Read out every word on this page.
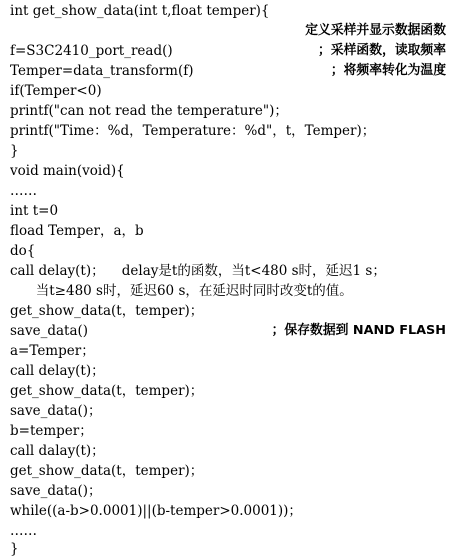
int get_show_data(int t,float temper){
定义采样并显示数据函数
f=S3C2410_port_read()	；采样函数，读取频率
Temper=data_transform(f)	；将频率转化为温度
if(Temper<0)
printf("can not read the temperature")；
printf("Time：%d，Temperature：%d"，t，Temper)；
}
void main(void){
……
int t=0
fload Temper，a，b
do{
call delay(t)；    delay是t的函数，当t<480 s时，延迟1 s；
当t≥480 s时，延迟60 s，在延迟时同时改变t的值。
get_show_data(t，temper)；
save_data()	；保存数据到 NAND FLASH
a=Temper；
call delay(t)；
get_show_data(t，temper)；
save_data()；
b=temper；
call dalay(t)；
get_show_data(t，temper)；
save_data()；
while((a-b>0.0001)||(b-temper>0.0001))；
……
}
